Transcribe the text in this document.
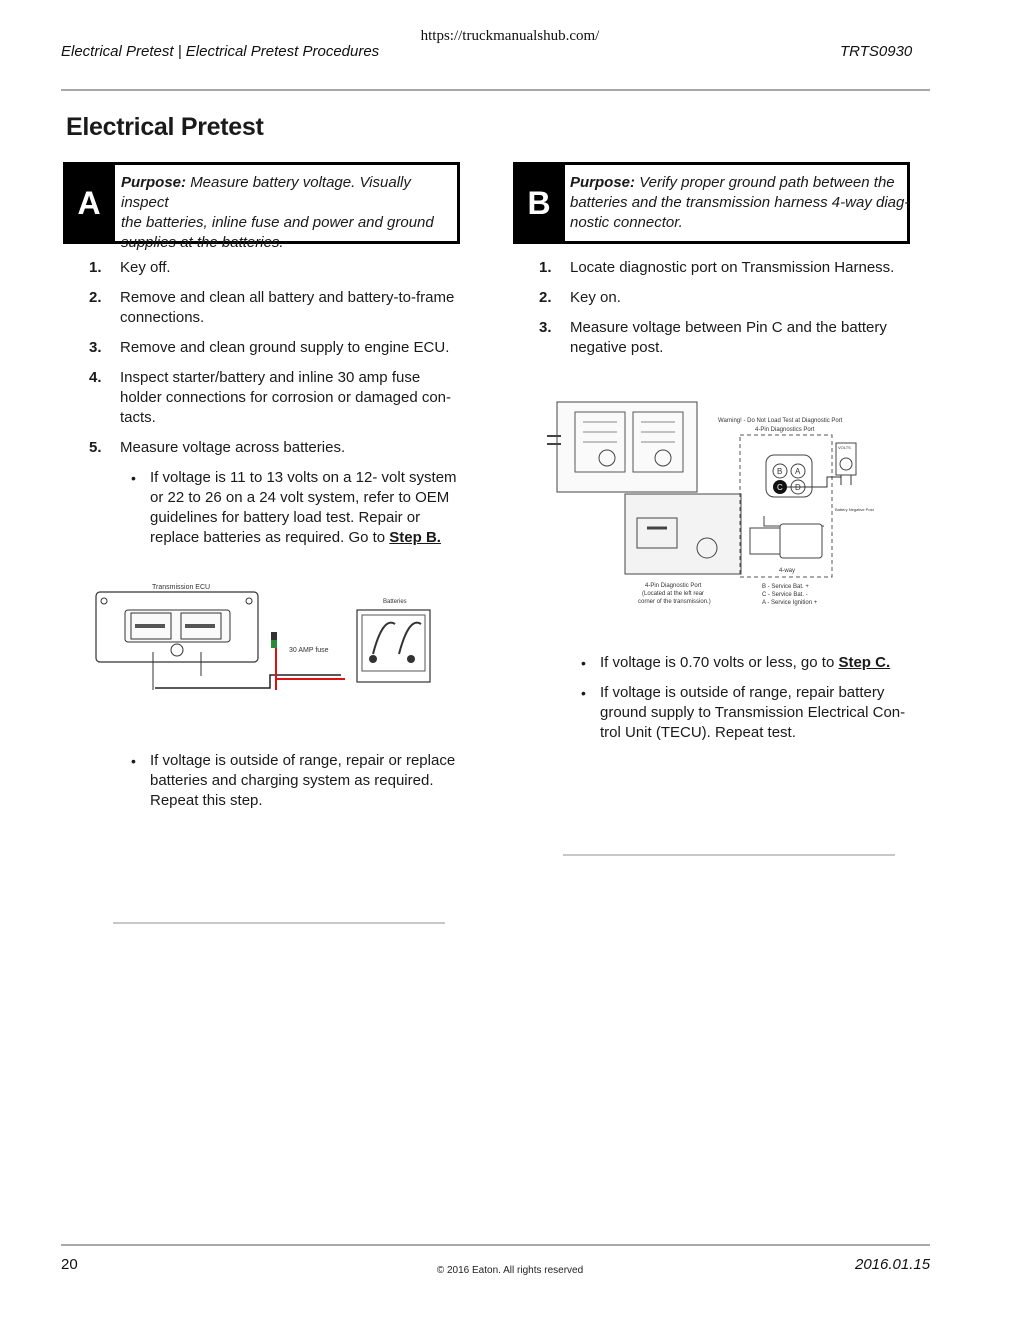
https://truckmanualshub.com/
Electrical Pretest | Electrical Pretest Procedures	TRTS0930
Electrical Pretest
A
Purpose: Measure battery voltage. Visually inspect
the batteries, inline fuse and power and ground
supplies at the batteries.
1. Key off.
2. Remove and clean all battery and battery-to-frame
connections.
3. Remove and clean ground supply to engine ECU.
4. Inspect starter/battery and inline 30 amp fuse
holder connections for corrosion or damaged con-
tacts.
5. Measure voltage across batteries.
• If voltage is 11 to 13 volts on a 12- volt system
or 22 to 26 on a 24 volt system, refer to OEM
guidelines for battery load test. Repair or
replace batteries as required. Go to Step B.
Transmission ECU
30 AMP fuse
Batteries
• If voltage is outside of range, repair or replace
batteries and charging system as required.
Repeat this step.
B
Purpose: Verify proper ground path between the
batteries and the transmission harness 4-way diag-
nostic connector.
1. Locate diagnostic port on Transmission Harness.
2. Key on.
3. Measure voltage between Pin C and the battery
negative post.
Warning! - Do Not Load Test at Diagnostic Port
4-Pin Diagnostics Port
B A
C D
VOLTS
Battery Negative Post
4-way
4-Pin Diagnostic Port
(Located at the left rear
corner of the transmission.)
B - Service Bat. +
C - Service Bat. -
A - Service Ignition +
• If voltage is 0.70 volts or less, go to Step C.
• If voltage is outside of range, repair battery
ground supply to Transmission Electrical Con-
trol Unit (TECU). Repeat test.
20	© 2016 Eaton. All rights reserved	2016.01.15
